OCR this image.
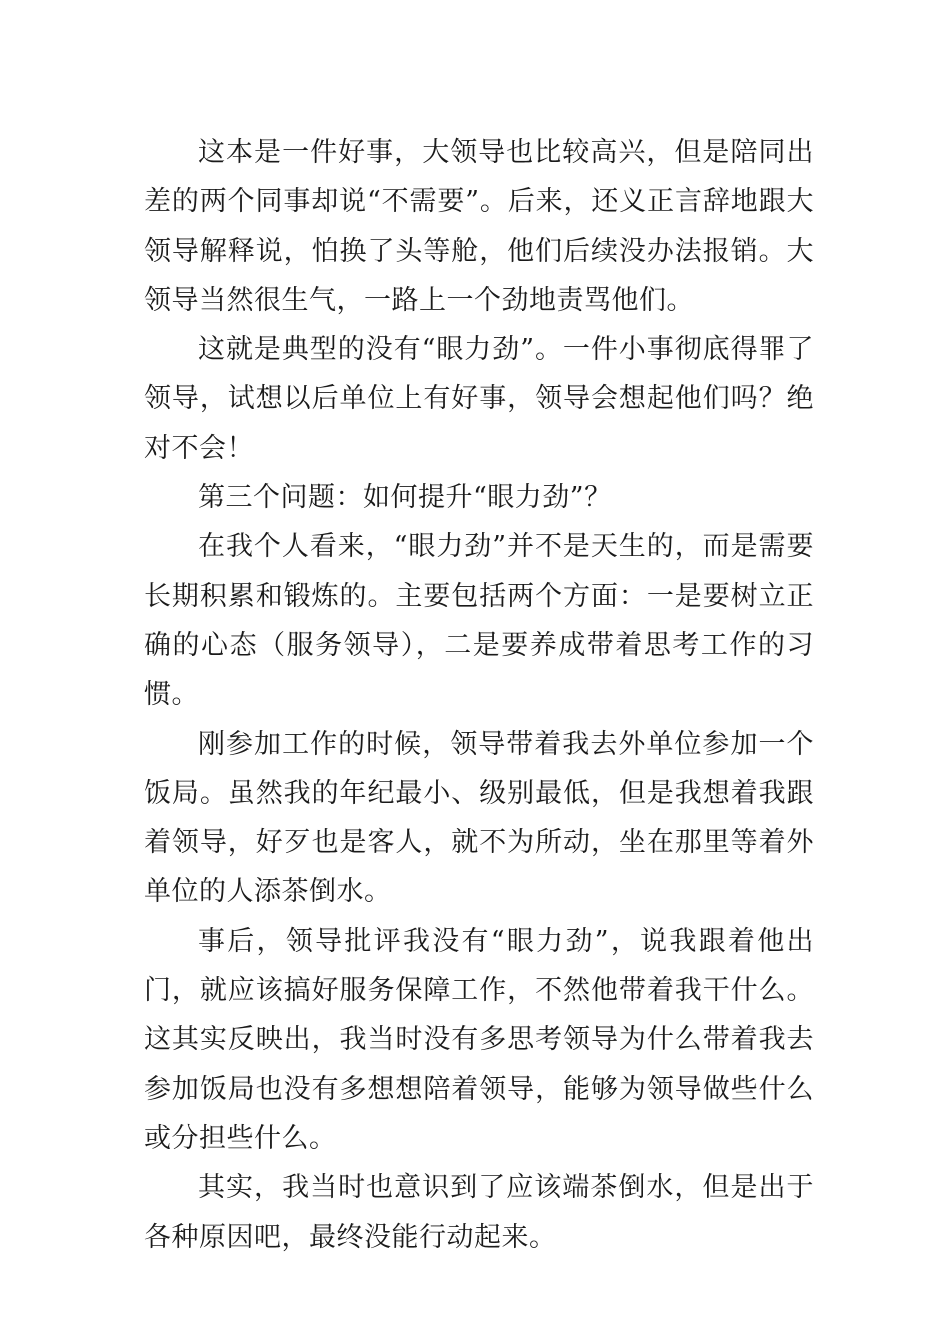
这本是一件好事，大领导也比较高兴，但是陪同出差的两个同事却说“不需要”。后来，还义正言辞地跟大领导解释说，怕换了头等舱，他们后续没办法报销。大领导当然很生气，一路上一个劲地责骂他们。

这就是典型的没有“眼力劲”。一件小事彻底得罪了领导，试想以后单位上有好事，领导会想起他们吗？绝对不会！

第三个问题：如何提升“眼力劲”？

在我个人看来，“眼力劲”并不是天生的，而是需要长期积累和锻炼的。主要包括两个方面：一是要树立正确的心态（服务领导），二是要养成带着思考工作的习惯。

刚参加工作的时候，领导带着我去外单位参加一个饭局。虽然我的年纪最小、级别最低，但是我想着我跟着领导，好歹也是客人，就不为所动，坐在那里等着外单位的人添茶倒水。

事后，领导批评我没有“眼力劲”，说我跟着他出门，就应该搞好服务保障工作，不然他带着我干什么。这其实反映出，我当时没有多思考领导为什么带着我去参加饭局也没有多想想陪着领导，能够为领导做些什么或分担些什么。

其实，我当时也意识到了应该端茶倒水，但是出于各种原因吧，最终没能行动起来。
